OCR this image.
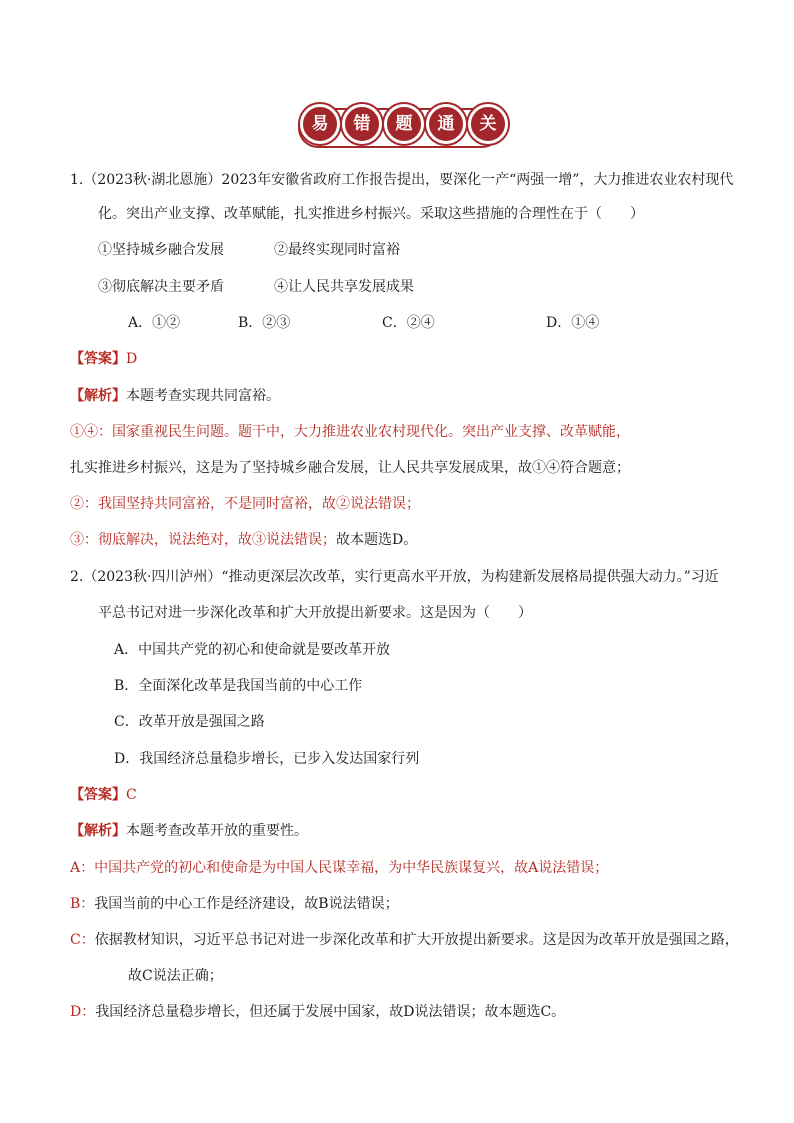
易	错	题	通	关
1.（2023秋·湖北恩施）2023年安徽省政府工作报告提出，要深化一产“两强一增”，大力推进农业农村现代
化。突出产业支撑、改革赋能，扎实推进乡村振兴。采取这些措施的合理性在于（　　）
①坚持城乡融合发展	②最终实现同时富裕
③彻底解决主要矛盾	④让人民共享发展成果
A．①②	B．②③	C．②④	D．①④
【答案】D
【解析】本题考查实现共同富裕。
①④：国家重视民生问题。题干中，大力推进农业农村现代化。突出产业支撑、改革赋能，
扎实推进乡村振兴，这是为了坚持城乡融合发展，让人民共享发展成果，故①④符合题意；
②：我国坚持共同富裕，不是同时富裕，故②说法错误；
③：彻底解决，说法绝对，故③说法错误；故本题选D。
2.（2023秋·四川泸州）“推动更深层次改革，实行更高水平开放，为构建新发展格局提供强大动力。”习近
平总书记对进一步深化改革和扩大开放提出新要求。这是因为（　　）
A．中国共产党的初心和使命就是要改革开放
B．全面深化改革是我国当前的中心工作
C．改革开放是强国之路
D．我国经济总量稳步增长，已步入发达国家行列
【答案】C
【解析】本题考查改革开放的重要性。
A：中国共产党的初心和使命是为中国人民谋幸福，为中华民族谋复兴，故A说法错误；
B：我国当前的中心工作是经济建设，故B说法错误；
C：依据教材知识，习近平总书记对进一步深化改革和扩大开放提出新要求。这是因为改革开放是强国之路，
故C说法正确；
D：我国经济总量稳步增长，但还属于发展中国家，故D说法错误；故本题选C。
